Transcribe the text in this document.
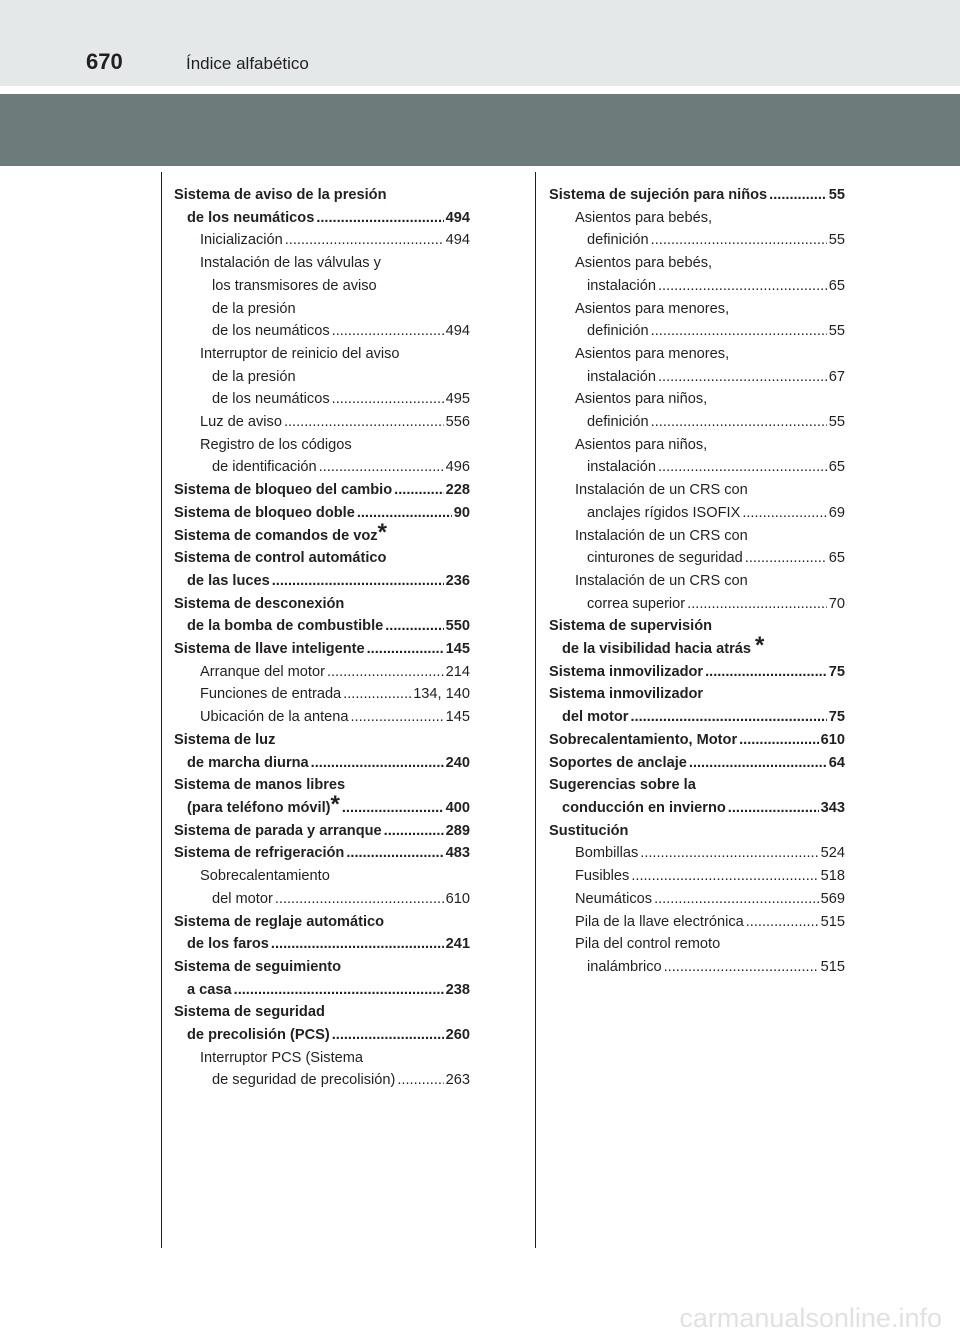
670	Índice alfabético
Sistema de aviso de la presión
de los neumáticos .....	494
Inicialización .....	494
Instalación de las válvulas y
los transmisores de aviso
de la presión
de los neumáticos .....	494
Interruptor de reinicio del aviso
de la presión
de los neumáticos .....	495
Luz de aviso .....	556
Registro de los códigos
de identificación .....	496
Sistema de bloqueo del cambio .....	228
Sistema de bloqueo doble .....	90
Sistema de comandos de voz *
Sistema de control automático
de las luces .....	236
Sistema de desconexión
de la bomba de combustible .....	550
Sistema de llave inteligente .....	145
Arranque del motor .....	214
Funciones de entrada .....	134, 140
Ubicación de la antena .....	145
Sistema de luz
de marcha diurna .....	240
Sistema de manos libres
(para teléfono móvil) * .....	400
Sistema de parada y arranque .....	289
Sistema de refrigeración .....	483
Sobrecalentamiento
del motor .....	610
Sistema de reglaje automático
de los faros .....	241
Sistema de seguimiento
a casa .....	238
Sistema de seguridad
de precolisión (PCS) .....	260
Interruptor PCS (Sistema
de seguridad de precolisión) .....	263
Sistema de sujeción para niños .....	55
Asientos para bebés,
definición .....	55
Asientos para bebés,
instalación .....	65
Asientos para menores,
definición .....	55
Asientos para menores,
instalación .....	67
Asientos para niños,
definición .....	55
Asientos para niños,
instalación .....	65
Instalación de un CRS con
anclajes rígidos ISOFIX .....	69
Instalación de un CRS con
cinturones de seguridad .....	65
Instalación de un CRS con
correa superior .....	70
Sistema de supervisión
de la visibilidad hacia atrás *
Sistema inmovilizador .....	75
Sistema inmovilizador
del motor .....	75
Sobrecalentamiento, Motor .....	610
Soportes de anclaje .....	64
Sugerencias sobre la
conducción en invierno .....	343
Sustitución
Bombillas .....	524
Fusibles .....	518
Neumáticos .....	569
Pila de la llave electrónica .....	515
Pila del control remoto
inalámbrico .....	515
carmanualsonline.info
